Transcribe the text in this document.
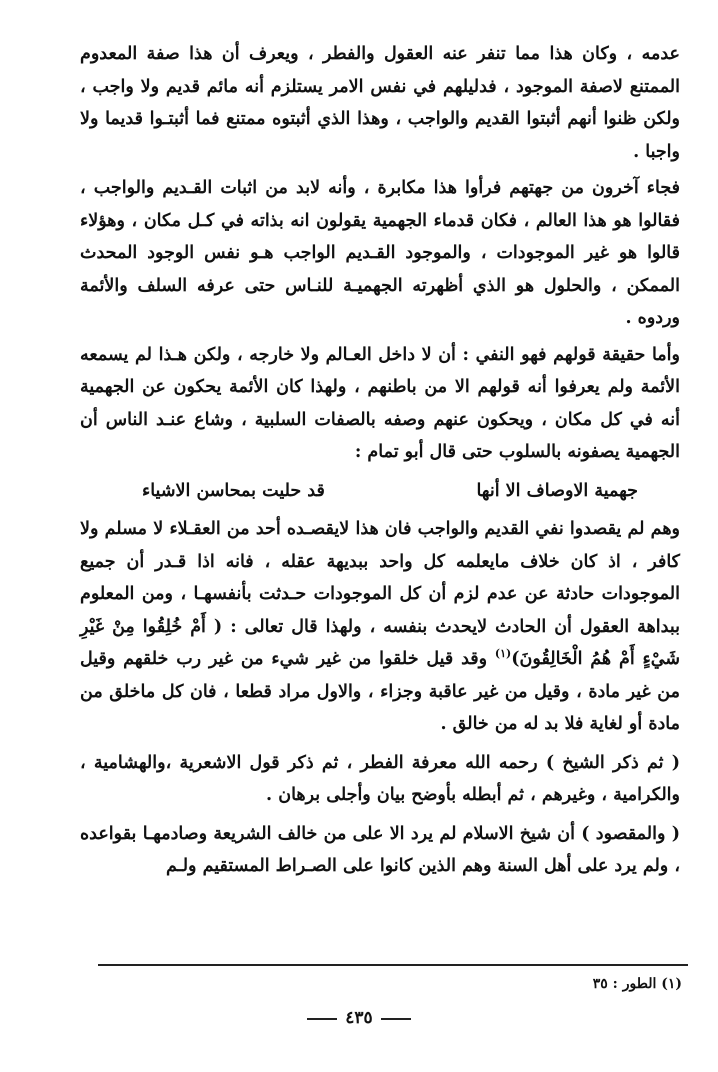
عدمه ، وكان هذا مما تنفر عنه العقول والفطر ، ويعرف أن هذا صفة المعدوم الممتنع لاصفة الموجود ، فدليلهم في نفس الامر يستلزم أنه مائم قديم ولا واجب ، ولكن ظنوا أنهم أثبتوا القديم والواجب ، وهذا الذي أثبتوه ممتنع فما أثبتـوا قديما ولا واجبا .

فجاء آخرون من جهتهم فرأوا هذا مكابرة ، وأنه لابد من اثبات القـديم والواجب ، فقالوا هو هذا العالم ، فكان قدماء الجهمية يقولون انه بذاته في كـل مكان ، وهؤلاء قالوا هو غير الموجودات ، والموجود القـديم الواجب هـو نفس الوجود المحدث الممكن ، والحلول هو الذي أظهرته الجهميـة للنـاس حتى عرفه السلف والأئمة وردوه .

وأما حقيقة قولهم فهو النفي : أن لا داخل العـالم ولا خارجه ، ولكن هـذا لم يسمعه الأئمة ولم يعرفوا أنه قولهم الا من باطنهم ، ولهذا كان الأئمة يحكون عن الجهمية أنه في كل مكان ، ويحكون عنهم وصفه بالصفات السلبية ، وشاع عنـد الناس أن الجهمية يصفونه بالسلوب حتى قال أبو تمام :

جهمية الاوصاف الا أنها
قد حليت بمحاسن الاشياء

وهم لم يقصدوا نفي القديم والواجب فان هذا لايقصـده أحد من العقـلاء لا مسلم ولا كافر ، اذ كان خلاف مايعلمه كل واحد ببديهة عقله ، فانه اذا قـدر أن جميع الموجودات حادثة عن عدم لزم أن كل الموجودات حـدثت بأنفسهـا ، ومن المعلوم ببداهة العقول أن الحادث لايحدث بنفسه ، ولهذا قال تعالى : ( أَمْ خُلِقُوا مِنْ غَيْرِ شَيْءٍ أَمْ هُمُ الْخَالِقُونَ)$^{(١)}$ وقد قيل خلقوا من غير شيء من غير رب خلقهم وقيل من غير مادة ، وقيل من غير عاقبة وجزاء ، والاول مراد قطعا ، فان كل ماخلق من مادة أو لغاية فلا بد له من خالق .

( ثم ذكر الشيخ ) رحمه الله معرفة الفطر ، ثم ذكر قول الاشعرية ،والهشامية ، والكرامية ، وغيرهم ، ثم أبطله بأوضح بيان وأجلى برهان .

( والمقصود ) أن شيخ الاسلام لم يرد الا على من خالف الشريعة وصادمهـا بقواعده ، ولم يرد على أهل السنة وهم الذين كانوا على الصـراط المستقيم ولـم

(١) الطور : ٣٥
٤٣٥
